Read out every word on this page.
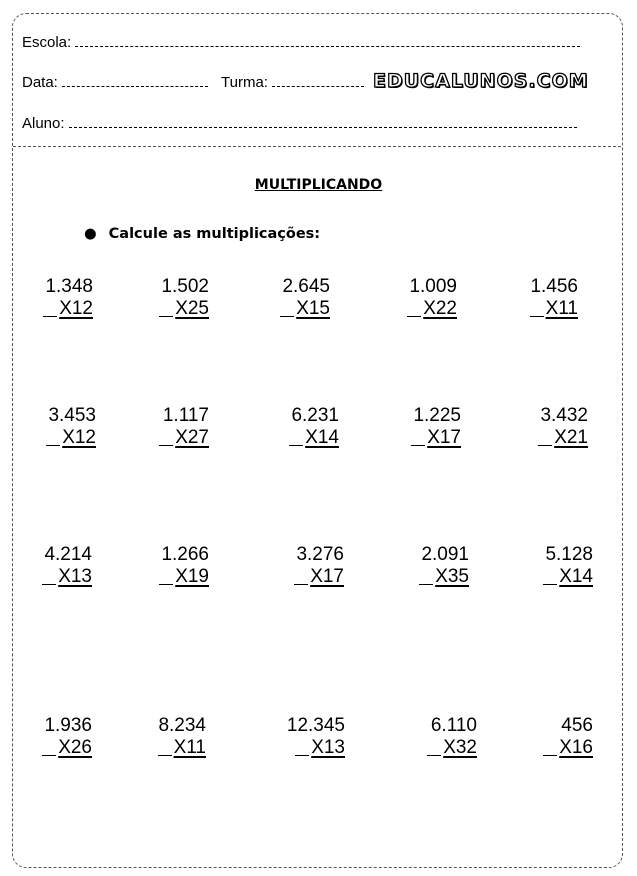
Escola:
Data:	Turma:	EDUCALUNOS.COM
Aluno:
MULTIPLICANDO
● Calcule as multiplicações:
1.348
X12
1.502
X25
2.645
X15
1.009
X22
1.456
X11
3.453
X12
1.117
X27
6.231
X14
1.225
X17
3.432
X21
4.214
X13
1.266
X19
3.276
X17
2.091
X35
5.128
X14
1.936
X26
8.234
X11
12.345
X13
6.110
X32
456
X16
